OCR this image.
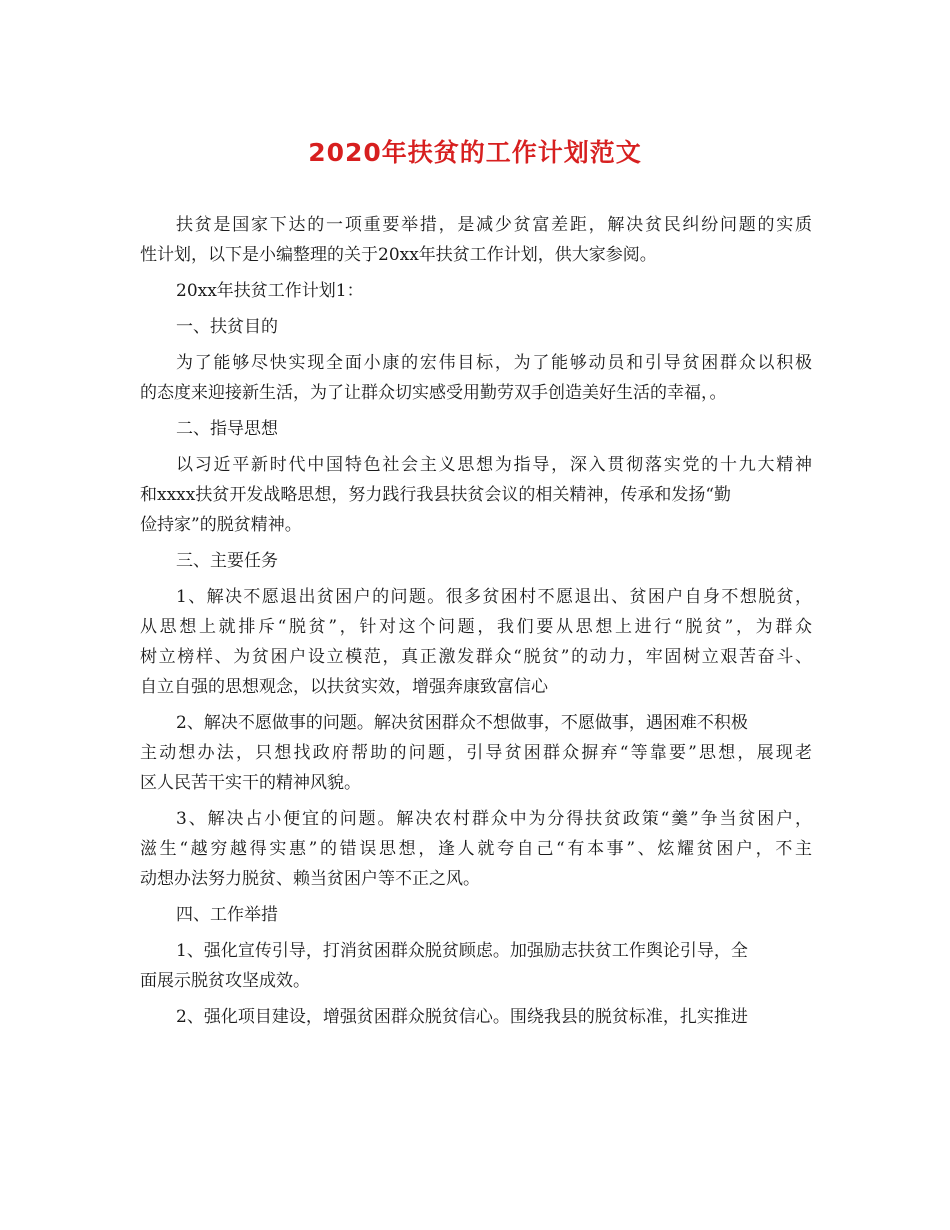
2020年扶贫的工作计划范文
扶贫是国家下达的一项重要举措，是减少贫富差距，解决贫民纠纷问题的实质
性计划，以下是小编整理的关于20xx年扶贫工作计划，供大家参阅。
20xx年扶贫工作计划1：
一、扶贫目的
为了能够尽快实现全面小康的宏伟目标，为了能够动员和引导贫困群众以积极
的态度来迎接新生活，为了让群众切实感受用勤劳双手创造美好生活的幸福，。
二、指导思想
以习近平新时代中国特色社会主义思想为指导，深入贯彻落实党的十九大精神
和xxxx扶贫开发战略思想，努力践行我县扶贫会议的相关精神，传承和发扬“勤
俭持家”的脱贫精神。
三、主要任务
1、解决不愿退出贫困户的问题。很多贫困村不愿退出、贫困户自身不想脱贫，
从思想上就排斥“脱贫”，针对这个问题，我们要从思想上进行“脱贫”，为群众
树立榜样、为贫困户设立模范，真正激发群众“脱贫”的动力，牢固树立艰苦奋斗、
自立自强的思想观念，以扶贫实效，增强奔康致富信心
2、解决不愿做事的问题。解决贫困群众不想做事，不愿做事，遇困难不积极
主动想办法，只想找政府帮助的问题，引导贫困群众摒弃“等靠要”思想，展现老
区人民苦干实干的精神风貌。
3、解决占小便宜的问题。解决农村群众中为分得扶贫政策“羹”争当贫困户，
滋生“越穷越得实惠”的错误思想，逢人就夸自己“有本事”、炫耀贫困户，不主
动想办法努力脱贫、赖当贫困户等不正之风。
四、工作举措
1、强化宣传引导，打消贫困群众脱贫顾虑。加强励志扶贫工作舆论引导，全
面展示脱贫攻坚成效。
2、强化项目建设，增强贫困群众脱贫信心。围绕我县的脱贫标准，扎实推进
